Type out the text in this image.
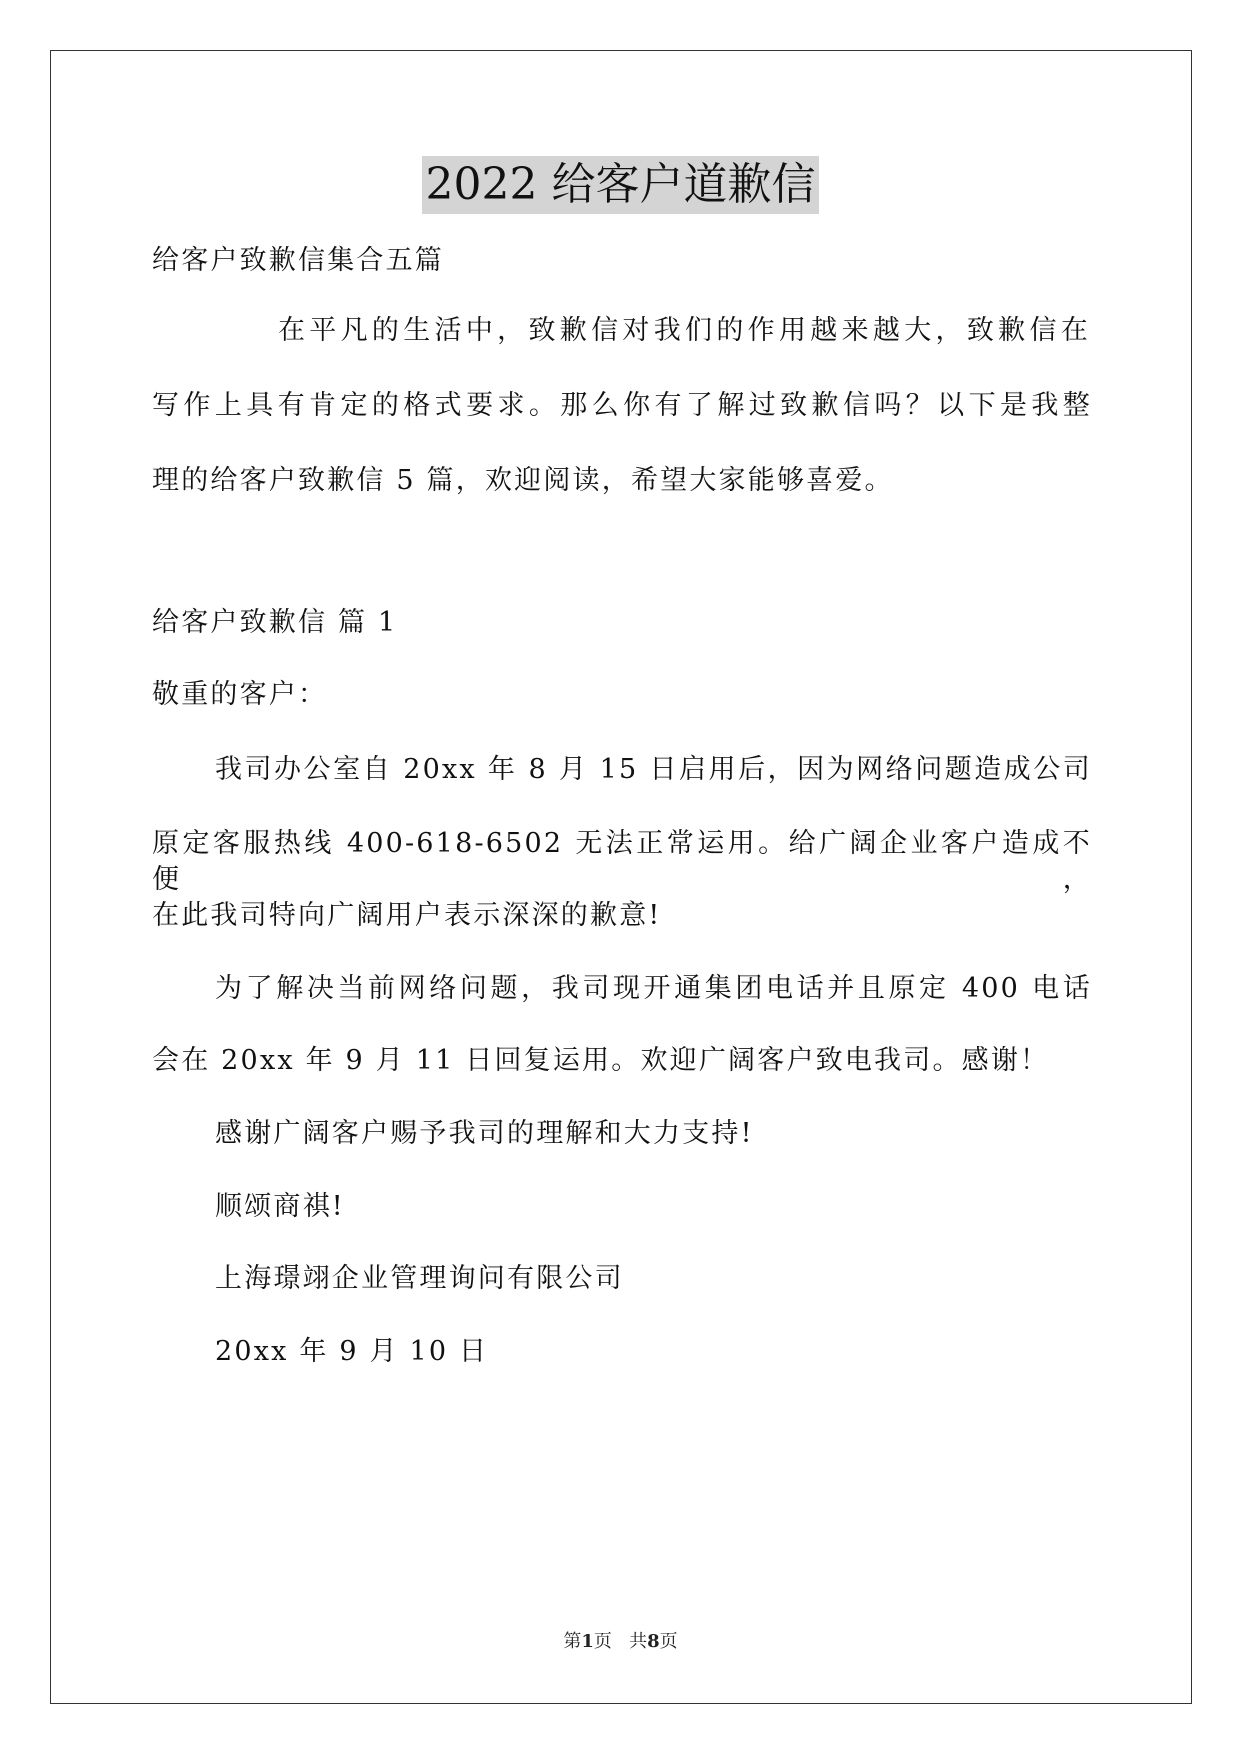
2022 给客户道歉信
给客户致歉信集合五篇
在平凡的生活中，致歉信对我们的作用越来越大，致歉信在
写作上具有肯定的格式要求。那么你有了解过致歉信吗？以下是我整
理的给客户致歉信 5 篇，欢迎阅读，希望大家能够喜爱。
给客户致歉信 篇 1
敬重的客户：
我司办公室自 20xx 年 8 月 15 日启用后，因为网络问题造成公司
原定客服热线 400-618-6502 无法正常运用。给广阔企业客户造成不便，
在此我司特向广阔用户表示深深的歉意!
为了解决当前网络问题，我司现开通集团电话并且原定 400 电话
会在 20xx 年 9 月 11 日回复运用。欢迎广阔客户致电我司。感谢！
感谢广阔客户赐予我司的理解和大力支持!
顺颂商祺!
上海璟翊企业管理询问有限公司
20xx 年 9 月 10 日
第1页 共8页
